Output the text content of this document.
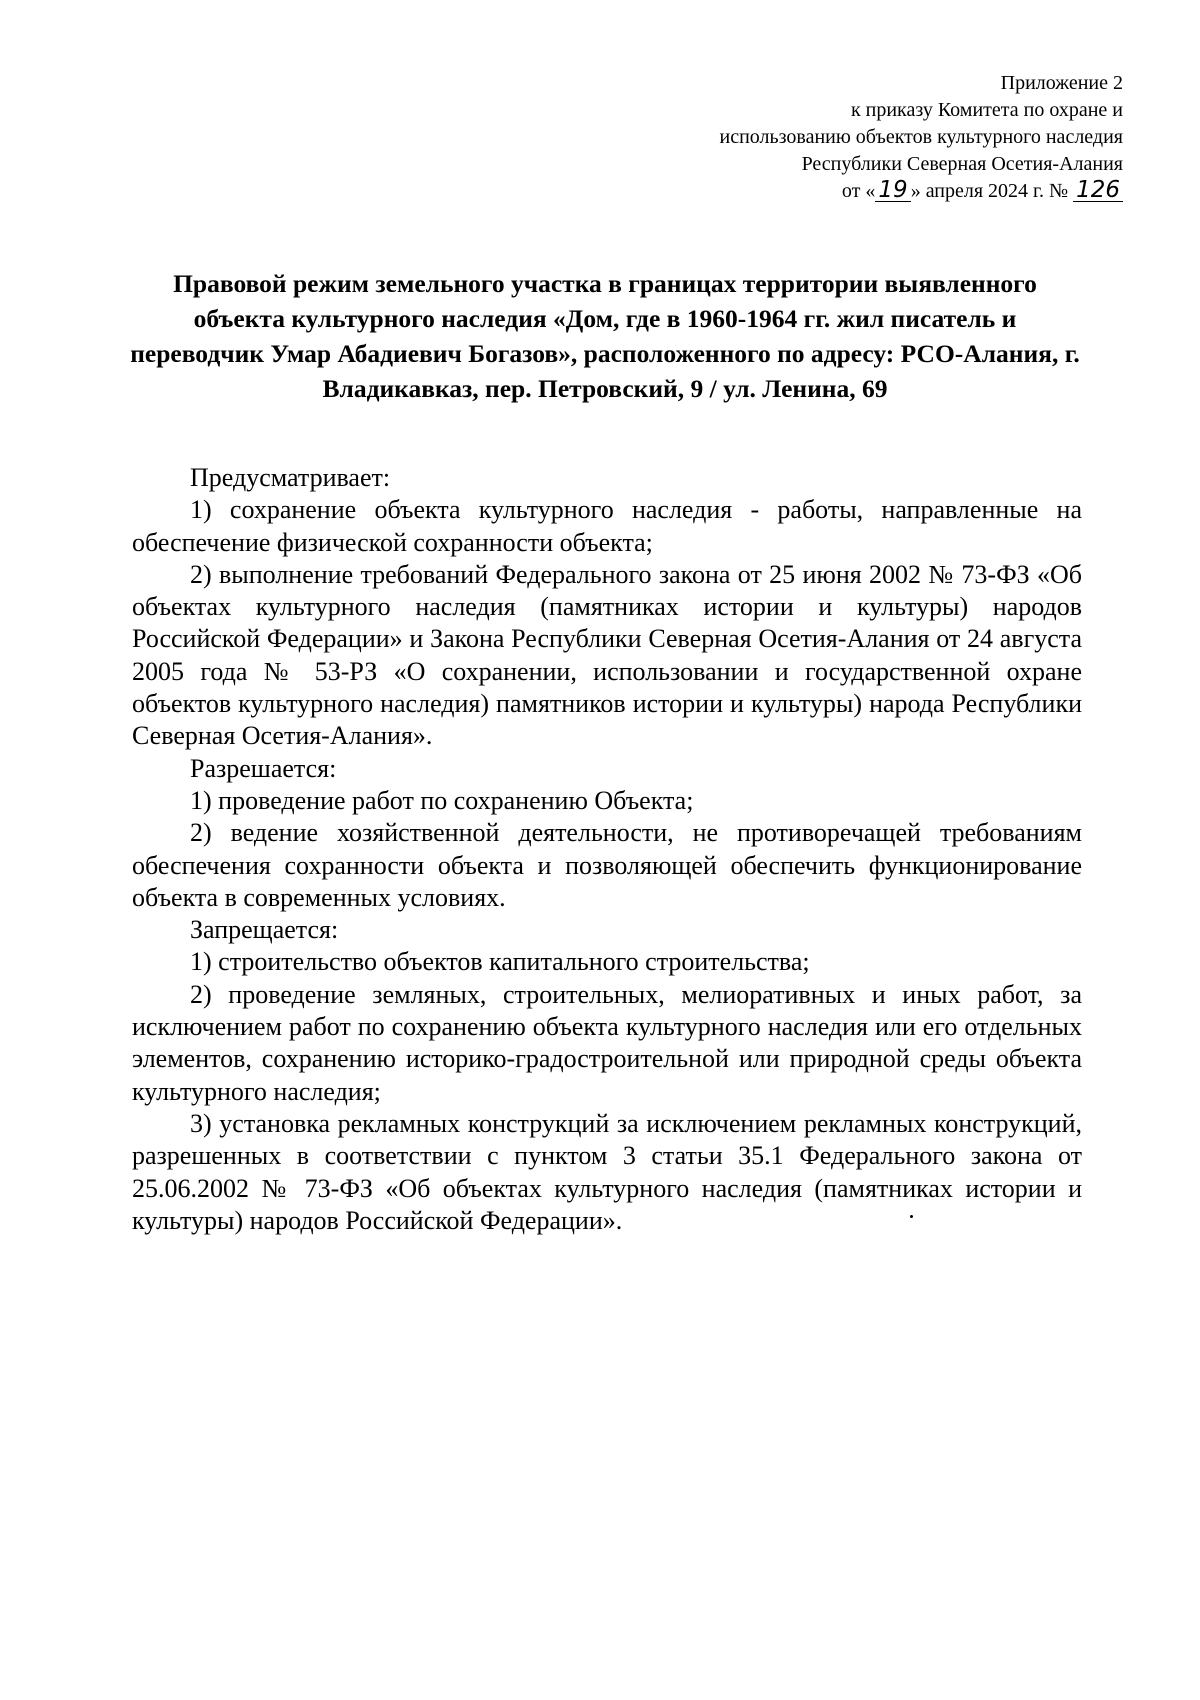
Приложение 2
к приказу Комитета по охране и
использованию объектов культурного наследия
Республики Северная Осетия-Алания
от « 19 » апреля 2024 г. № 126
Правовой режим земельного участка в границах территории выявленного объекта культурного наследия «Дом, где в 1960-1964 гг. жил писатель и переводчик Умар Абадиевич Богазов», расположенного по адресу: РСО-Алания, г. Владикавказ, пер. Петровский, 9 / ул. Ленина, 69

Предусматривает:

1) сохранение объекта культурного наследия - работы, направленные на обеспечение физической сохранности объекта;

2) выполнение требований Федерального закона от 25 июня 2002 № 73-ФЗ «Об объектах культурного наследия (памятниках истории и культуры) народов Российской Федерации» и Закона Республики Северная Осетия-Алания от 24 августа 2005 года № 53-РЗ «О сохранении, использовании и государственной охране объектов культурного наследия) памятников истории и культуры) народа Республики Северная Осетия-Алания».

Разрешается:

1) проведение работ по сохранению Объекта;

2) ведение хозяйственной деятельности, не противоречащей требованиям обеспечения сохранности объекта и позволяющей обеспечить функционирование объекта в современных условиях.

Запрещается:

1) строительство объектов капитального строительства;

2) проведение земляных, строительных, мелиоративных и иных работ, за исключением работ по сохранению объекта культурного наследия или его отдельных элементов, сохранению историко-градостроительной или природной среды объекта культурного наследия;

3) установка рекламных конструкций за исключением рекламных конструкций, разрешенных в соответствии с пунктом 3 статьи 35.1 Федерального закона от 25.06.2002 № 73-ФЗ «Об объектах культурного наследия (памятниках истории и культуры) народов Российской Федерации».
